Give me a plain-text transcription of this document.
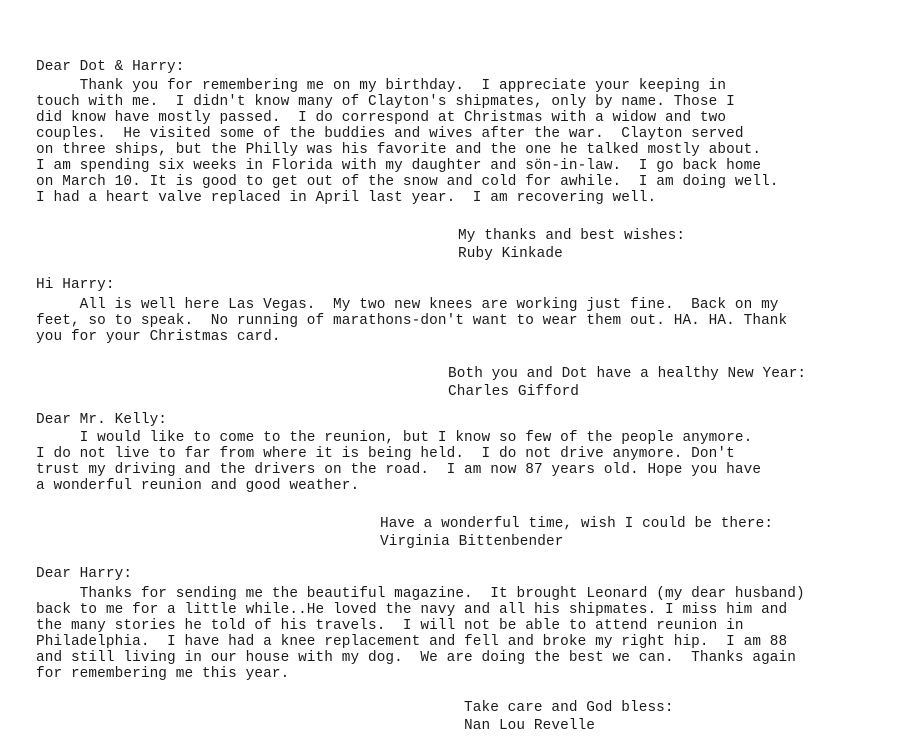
Dear Dot & Harry:
Thank you for remembering me on my birthday.  I appreciate your keeping in
touch with me.  I didn't know many of Clayton's shipmates, only by name. Those I
did know have mostly passed.  I do correspond at Christmas with a widow and two
couples.  He visited some of the buddies and wives after the war.  Clayton served
on three ships, but the Philly was his favorite and the one he talked mostly about.
I am spending six weeks in Florida with my daughter and sön-in-law.  I go back home
on March 10. It is good to get out of the snow and cold for awhile.  I am doing well.
I had a heart valve replaced in April last year.  I am recovering well.
My thanks and best wishes:
Ruby Kinkade
Hi Harry:
All is well here Las Vegas.  My two new knees are working just fine.  Back on my
feet, so to speak.  No running of marathons-don't want to wear them out. HA. HA. Thank
you for your Christmas card.
Both you and Dot have a healthy New Year:
Charles Gifford
Dear Mr. Kelly:
I would like to come to the reunion, but I know so few of the people anymore.
I do not live to far from where it is being held.  I do not drive anymore. Don't
trust my driving and the drivers on the road.  I am now 87 years old. Hope you have
a wonderful reunion and good weather.
Have a wonderful time, wish I could be there:
Virginia Bittenbender
Dear Harry:
Thanks for sending me the beautiful magazine.  It brought Leonard (my dear husband)
back to me for a little while..He loved the navy and all his shipmates. I miss him and
the many stories he told of his travels.  I will not be able to attend reunion in
Philadelphia.  I have had a knee replacement and fell and broke my right hip.  I am 88
and still living in our house with my dog.  We are doing the best we can.  Thanks again
for remembering me this year.
Take care and God bless:
Nan Lou Revelle
